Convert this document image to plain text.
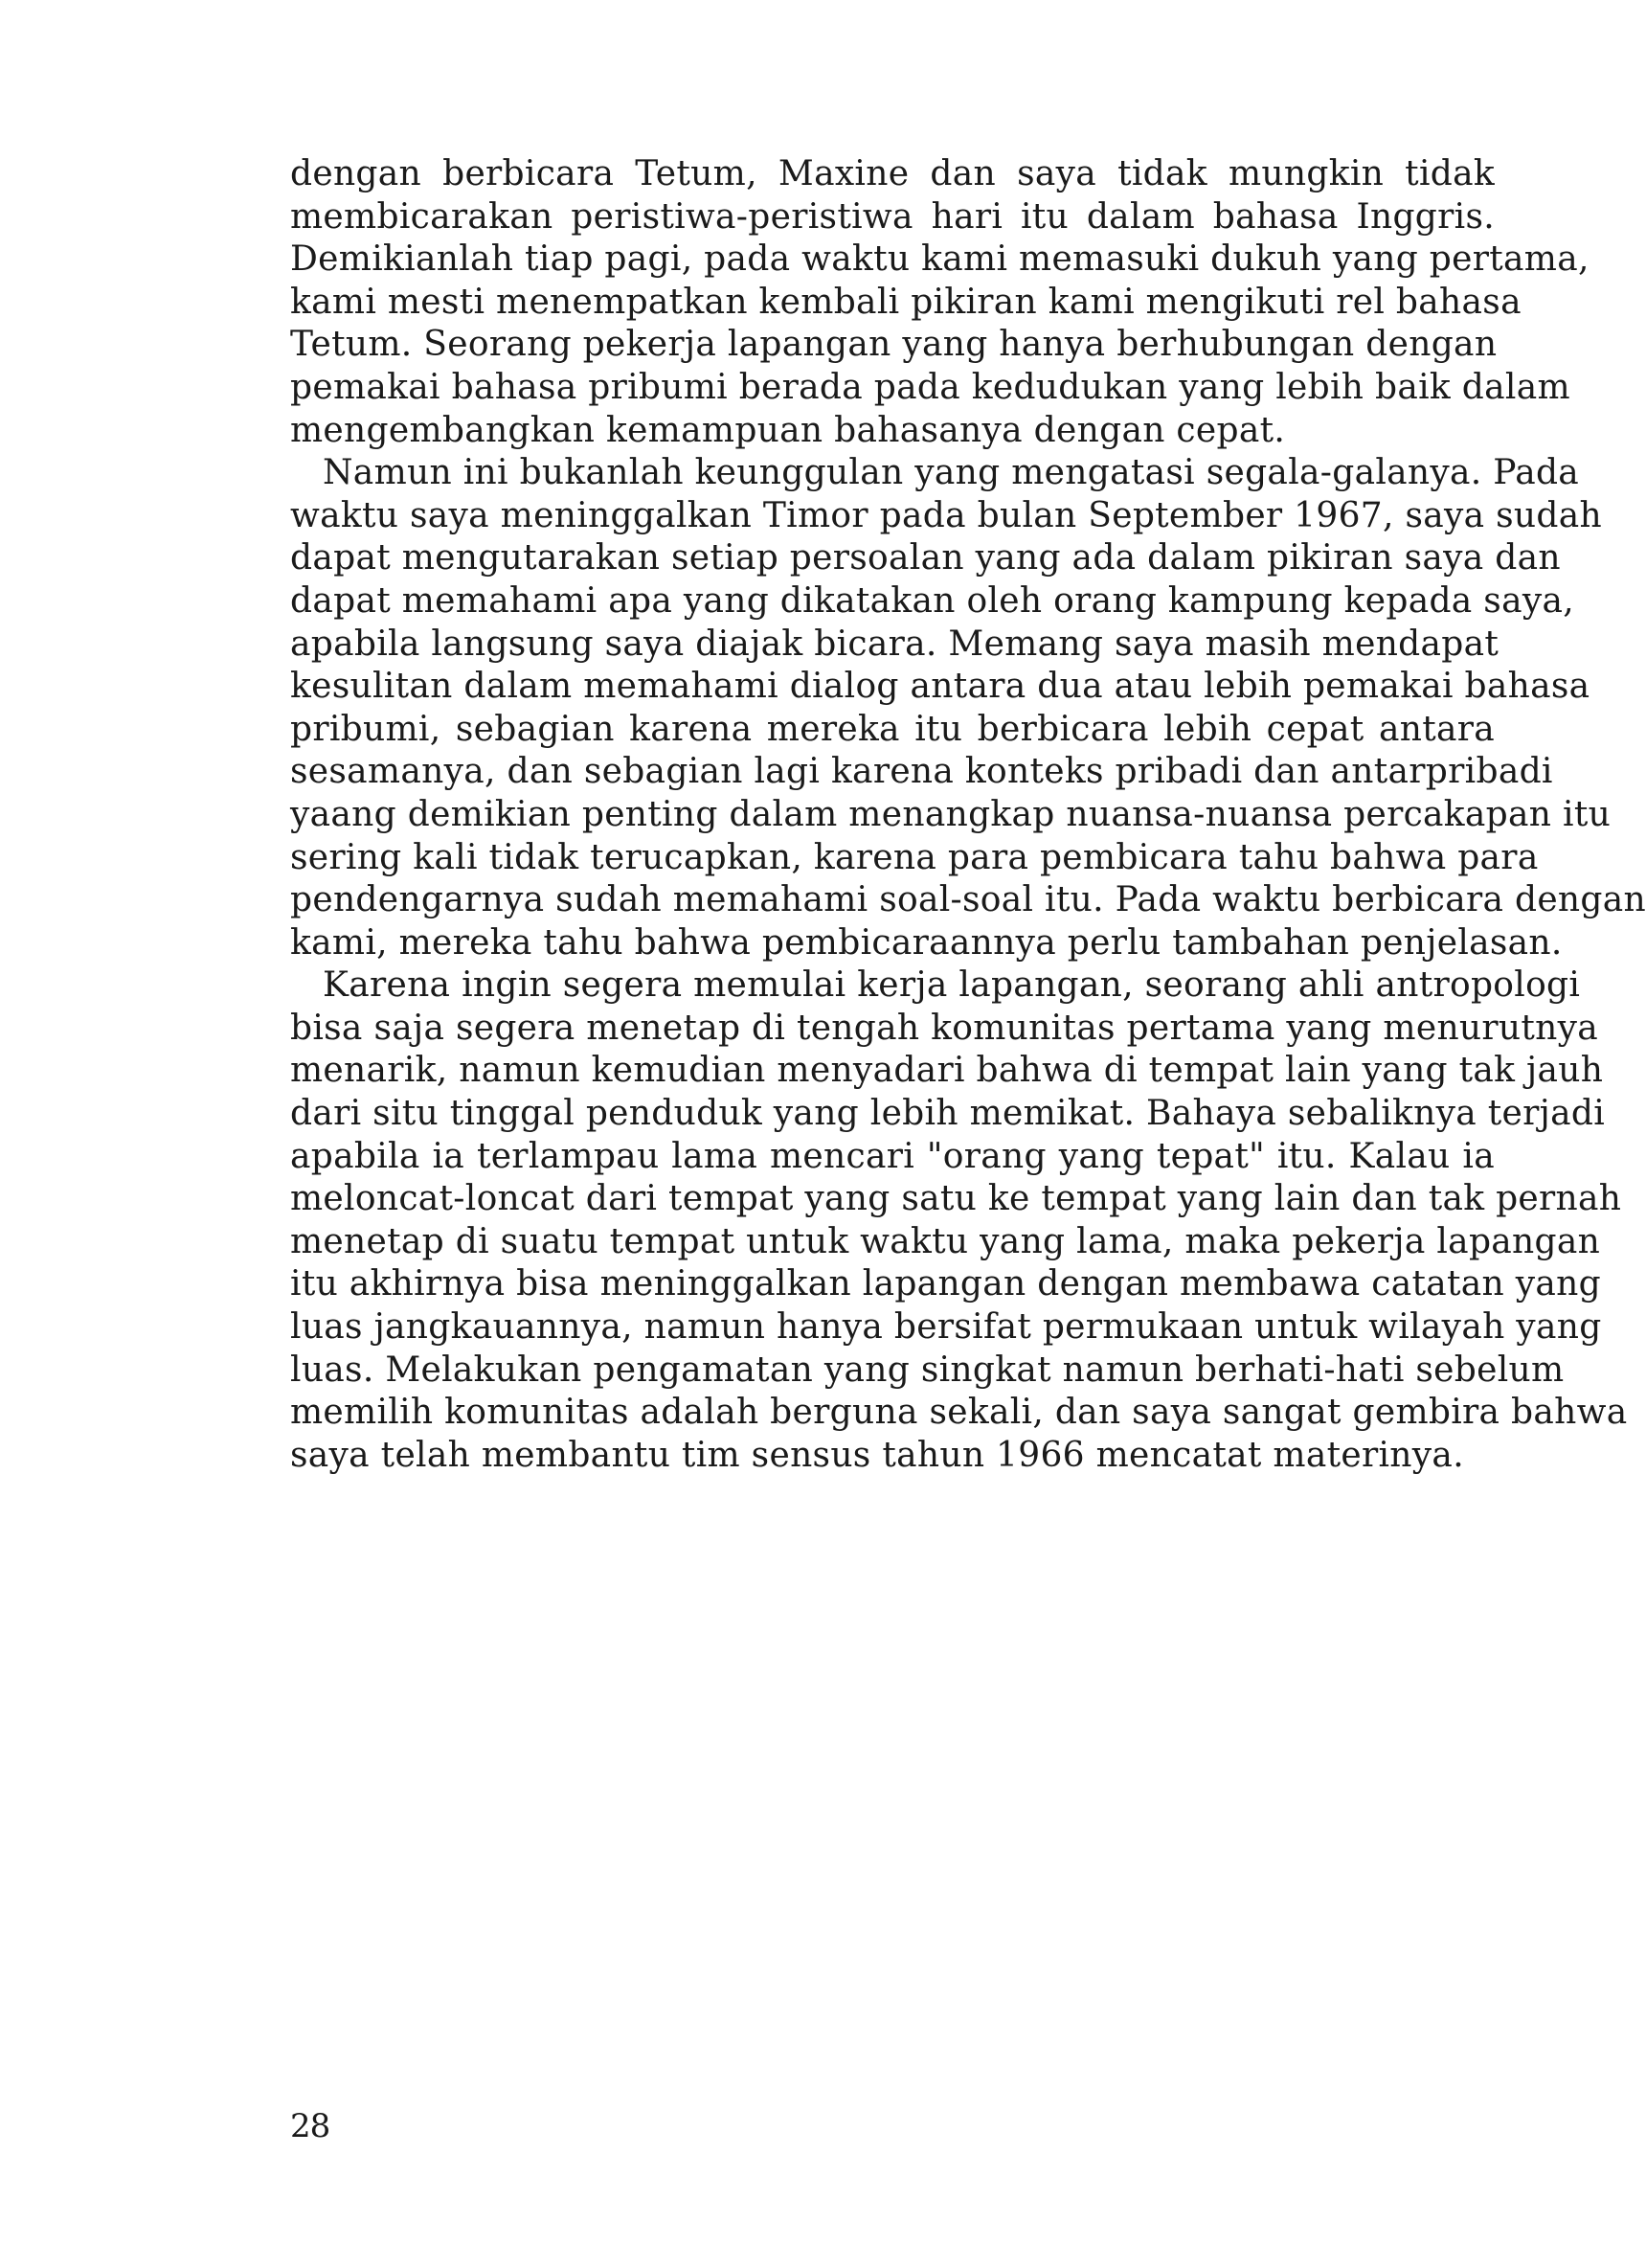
dengan berbicara Tetum, Maxine dan saya tidak mungkin tidak
membicarakan peristiwa-peristiwa hari itu dalam bahasa Inggris.
Demikianlah tiap pagi, pada waktu kami memasuki dukuh yang pertama,
kami mesti menempatkan kembali pikiran kami mengikuti rel bahasa
Tetum. Seorang pekerja lapangan yang hanya berhubungan dengan
pemakai bahasa pribumi berada pada kedudukan yang lebih baik dalam
mengembangkan kemampuan bahasanya dengan cepat.
Namun ini bukanlah keunggulan yang mengatasi segala-galanya. Pada
waktu saya meninggalkan Timor pada bulan September 1967, saya sudah
dapat mengutarakan setiap persoalan yang ada dalam pikiran saya dan
dapat memahami apa yang dikatakan oleh orang kampung kepada saya,
apabila langsung saya diajak bicara. Memang saya masih mendapat
kesulitan dalam memahami dialog antara dua atau lebih pemakai bahasa
pribumi, sebagian karena mereka itu berbicara lebih cepat antara
sesamanya, dan sebagian lagi karena konteks pribadi dan antarpribadi
yaang demikian penting dalam menangkap nuansa-nuansa percakapan itu
sering kali tidak terucapkan, karena para pembicara tahu bahwa para
pendengarnya sudah memahami soal-soal itu. Pada waktu berbicara dengan
kami, mereka tahu bahwa pembicaraannya perlu tambahan penjelasan.
Karena ingin segera memulai kerja lapangan, seorang ahli antropologi
bisa saja segera menetap di tengah komunitas pertama yang menurutnya
menarik, namun kemudian menyadari bahwa di tempat lain yang tak jauh
dari situ tinggal penduduk yang lebih memikat. Bahaya sebaliknya terjadi
apabila ia terlampau lama mencari "orang yang tepat" itu. Kalau ia
meloncat-loncat dari tempat yang satu ke tempat yang lain dan tak pernah
menetap di suatu tempat untuk waktu yang lama, maka pekerja lapangan
itu akhirnya bisa meninggalkan lapangan dengan membawa catatan yang
luas jangkauannya, namun hanya bersifat permukaan untuk wilayah yang
luas. Melakukan pengamatan yang singkat namun berhati-hati sebelum
memilih komunitas adalah berguna sekali, dan saya sangat gembira bahwa
saya telah membantu tim sensus tahun 1966 mencatat materinya.
28
